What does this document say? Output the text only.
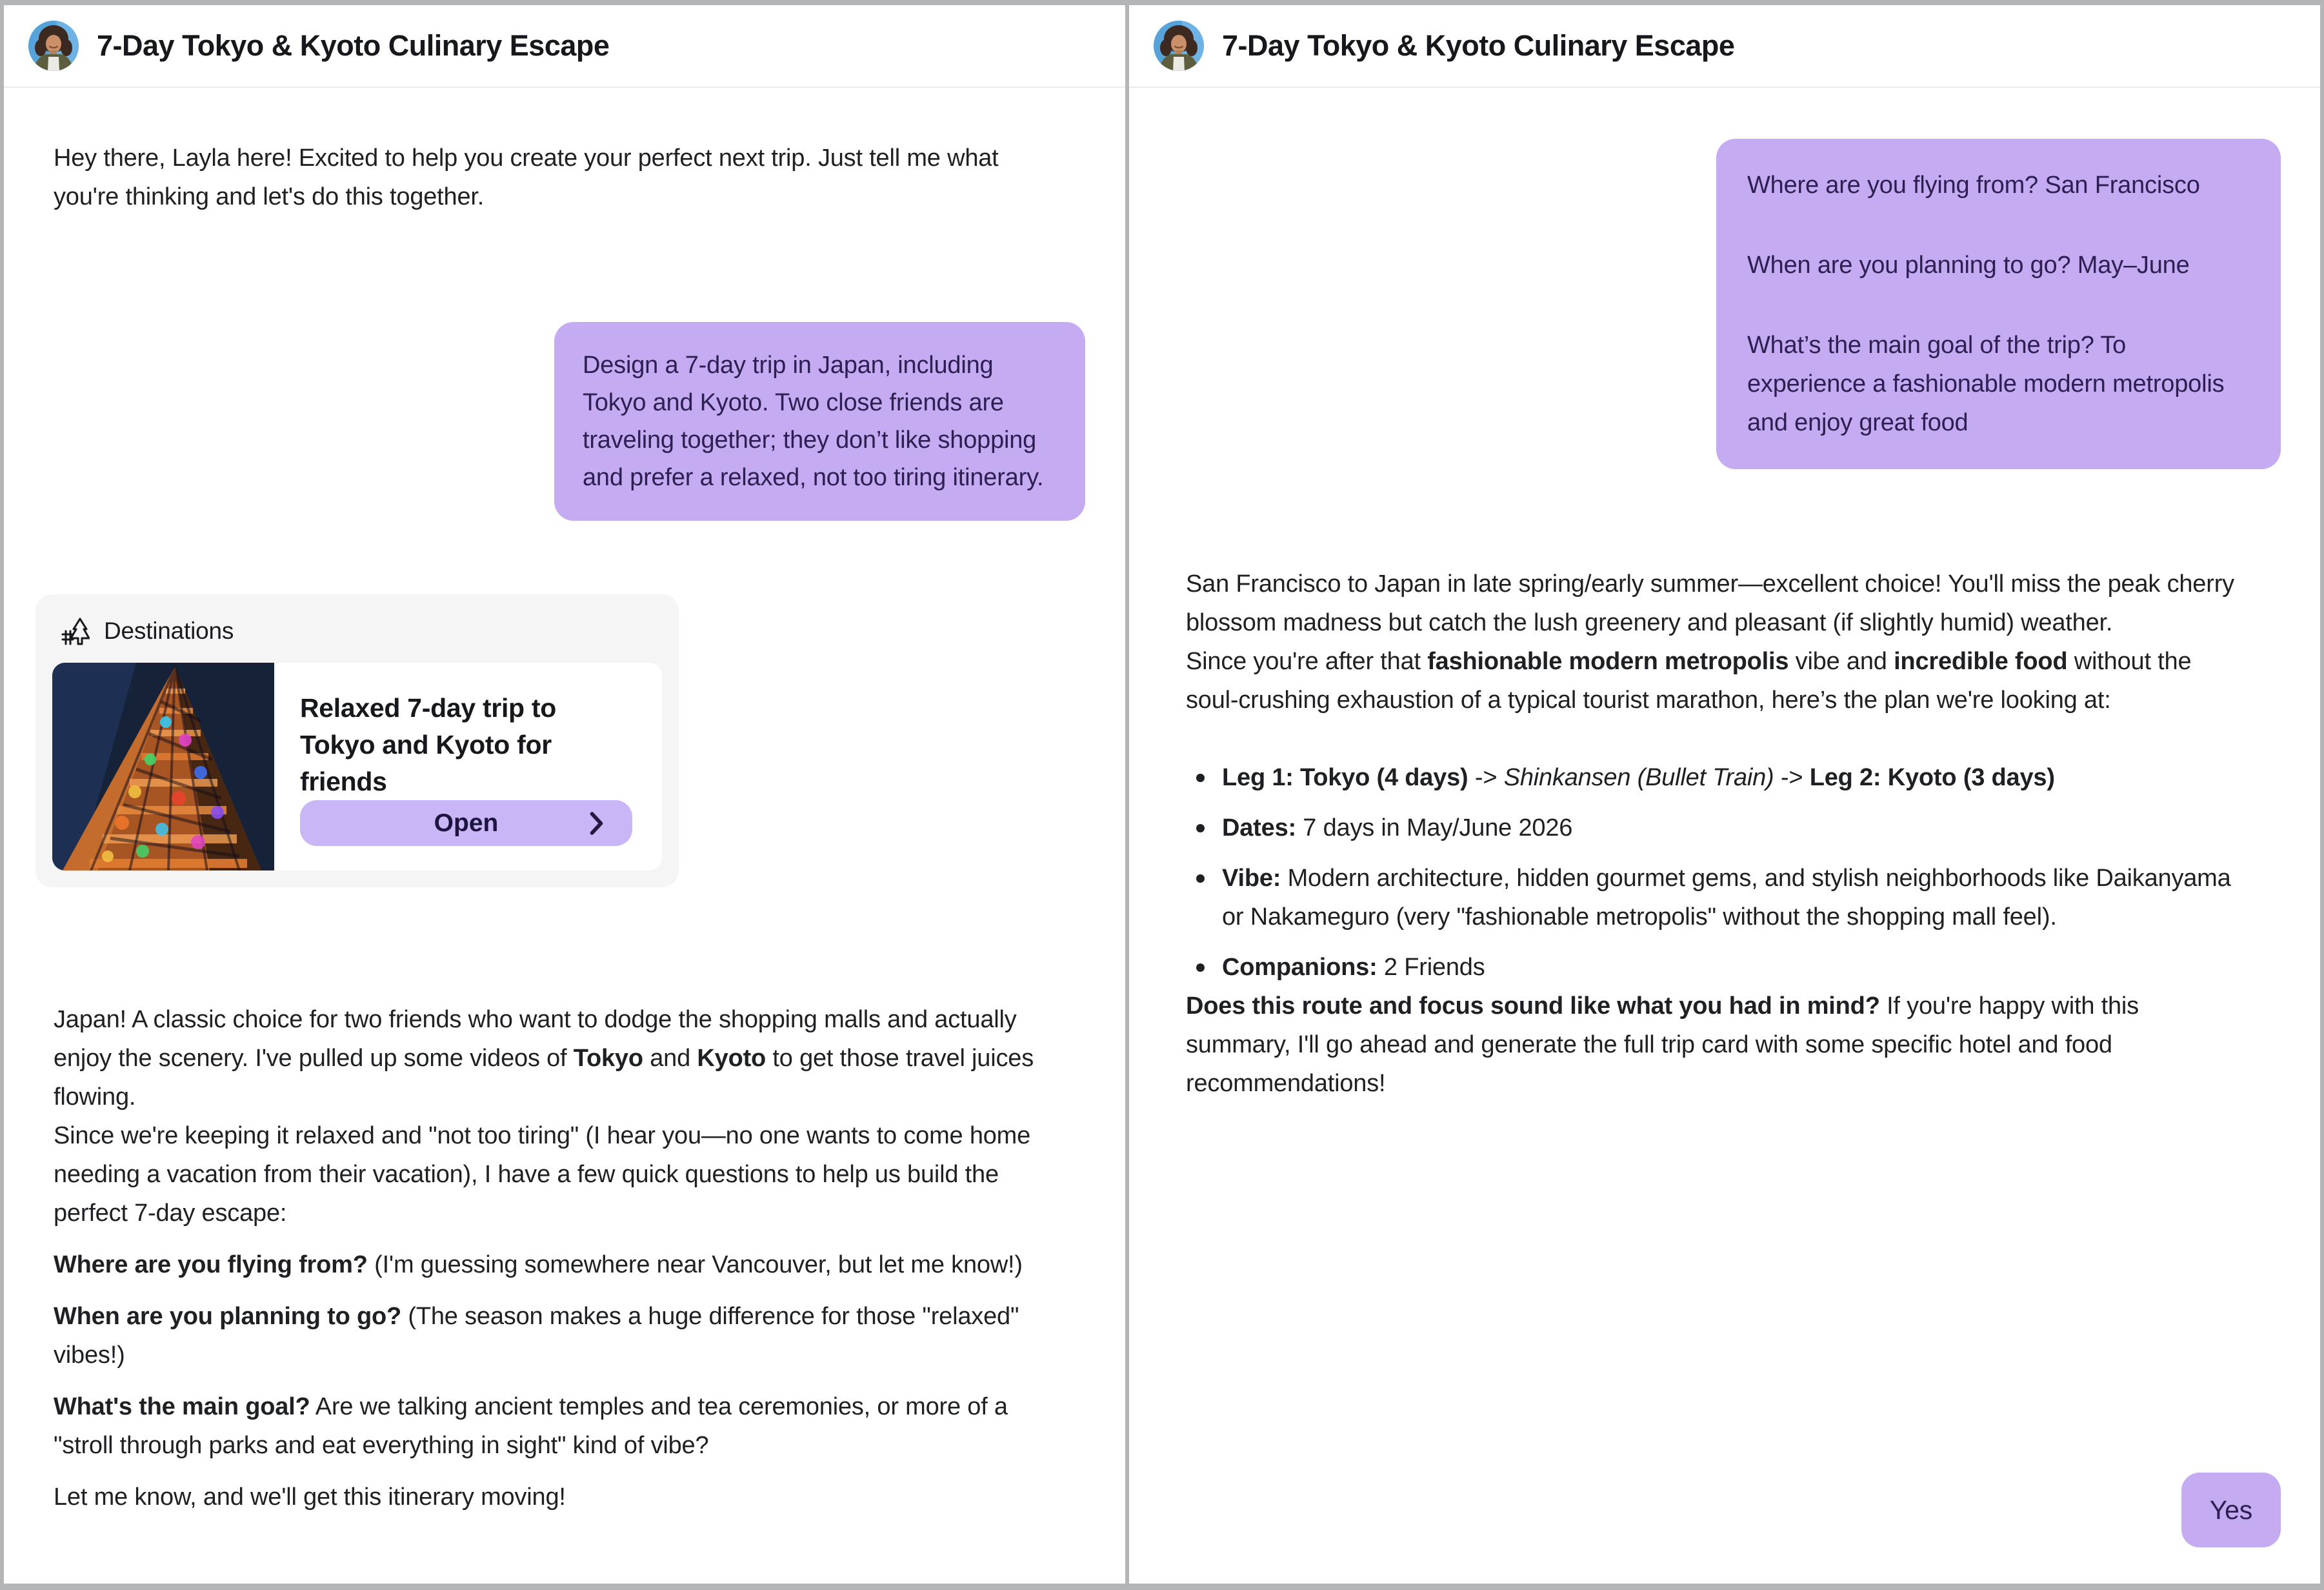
7-Day Tokyo & Kyoto Culinary Escape

Hey there, Layla here! Excited to help you create your perfect next trip. Just tell me what you're thinking and let's do this together.

Design a 7-day trip in Japan, including Tokyo and Kyoto. Two close friends are traveling together; they don’t like shopping and prefer a relaxed, not too tiring itinerary.
Destinations
Relaxed 7-day trip to Tokyo and Kyoto for friends
Open

Japan! A classic choice for two friends who want to dodge the shopping malls and actually enjoy the scenery. I've pulled up some videos of Tokyo and Kyoto to get those travel juices flowing.

Since we're keeping it relaxed and "not too tiring" (I hear you—no one wants to come home needing a vacation from their vacation), I have a few quick questions to help us build the perfect 7-day escape:

Where are you flying from? (I'm guessing somewhere near Vancouver, but let me know!)

When are you planning to go? (The season makes a huge difference for those "relaxed" vibes!)

What's the main goal? Are we talking ancient temples and tea ceremonies, or more of a "stroll through parks and eat everything in sight" kind of vibe?

Let me know, and we'll get this itinerary moving!

7-Day Tokyo & Kyoto Culinary Escape

Where are you flying from? San Francisco

When are you planning to go? May–June

What’s the main goal of the trip? To experience a fashionable modern metropolis and enjoy great food

San Francisco to Japan in late spring/early summer—excellent choice! You'll miss the peak cherry blossom madness but catch the lush greenery and pleasant (if slightly humid) weather.

Since you're after that fashionable modern metropolis vibe and incredible food without the soul-crushing exhaustion of a typical tourist marathon, here’s the plan we're looking at:

Leg 1: Tokyo (4 days) -> Shinkansen (Bullet Train) -> Leg 2: Kyoto (3 days)
Dates: 7 days in May/June 2026
Vibe: Modern architecture, hidden gourmet gems, and stylish neighborhoods like Daikanyama or Nakameguro (very "fashionable metropolis" without the shopping mall feel).
Companions: 2 Friends

Does this route and focus sound like what you had in mind? If you're happy with this summary, I'll go ahead and generate the full trip card with some specific hotel and food recommendations!

Yes
